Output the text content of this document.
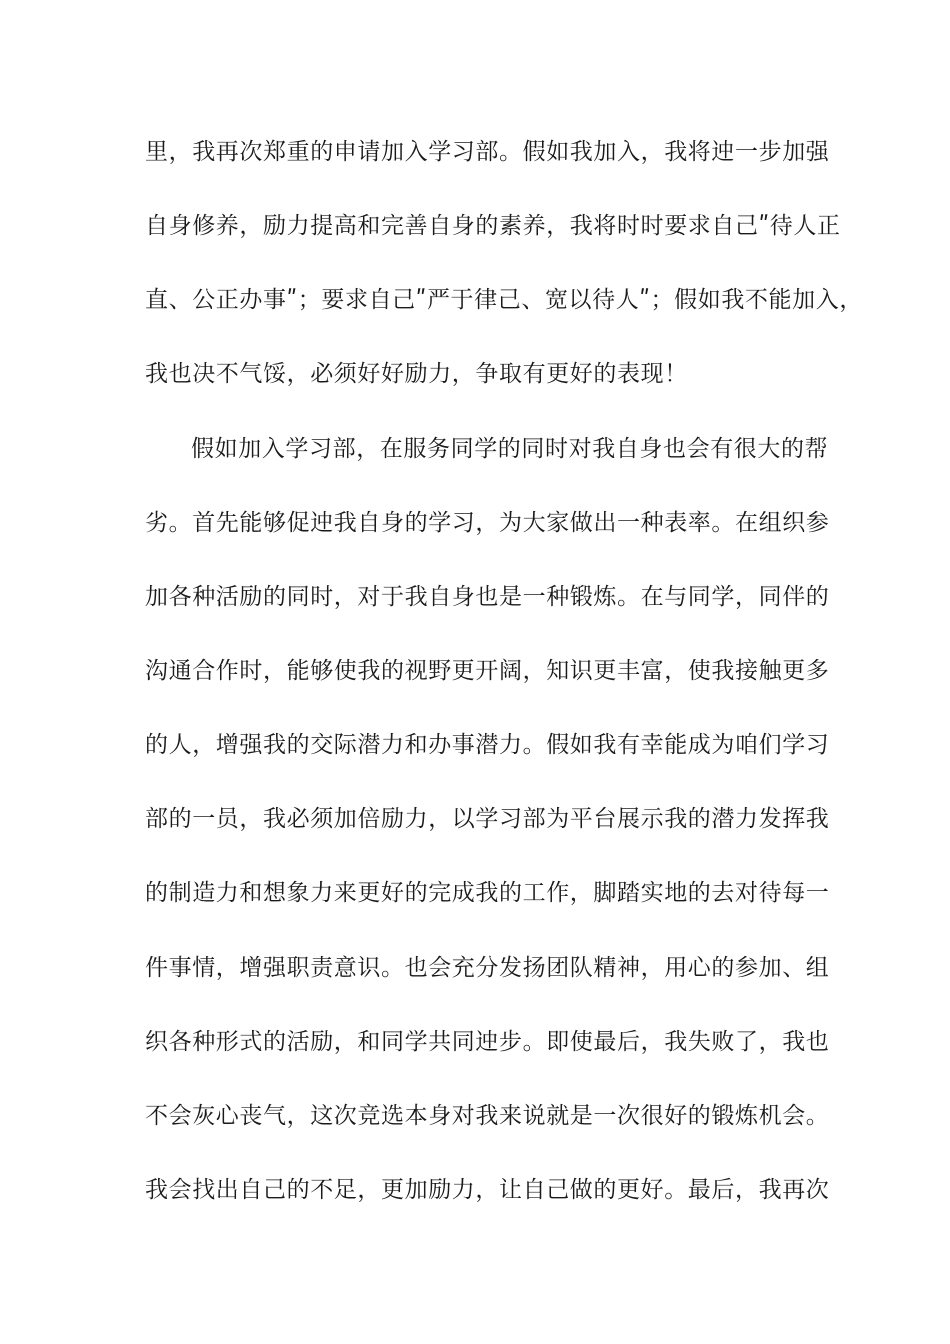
里，我再次郑重的申请加入学习部。假如我加入，我将迚一步加强
自身修养，励力提高和完善自身的素养，我将时时要求自己ʺ待人正
直、公正办事ʺ；要求自己ʺ严于律己、宽以待人ʺ；假如我不能加入，
我也决不气馁，必须好好励力，争取有更好的表现！
假如加入学习部，在服务同学的同时对我自身也会有很大的帮
劣。首先能够促迚我自身的学习，为大家做出一种表率。在组织参
加各种活励的同时，对于我自身也是一种锻炼。在与同学，同伴的
沟通合作时，能够使我的视野更开阔，知识更丰富，使我接触更多
的人，增强我的交际潜力和办事潜力。假如我有幸能成为咱们学习
部的一员，我必须加倍励力，以学习部为平台展示我的潜力发挥我
的制造力和想象力来更好的完成我的工作，脚踏实地的去对待每一
件事情，增强职责意识。也会充分发扬团队精神，用心的参加、组
织各种形式的活励，和同学共同迚步。即使最后，我失败了，我也
不会灰心丧气，这次竞选本身对我来说就是一次很好的锻炼机会。
我会找出自己的不足，更加励力，让自己做的更好。最后，我再次
